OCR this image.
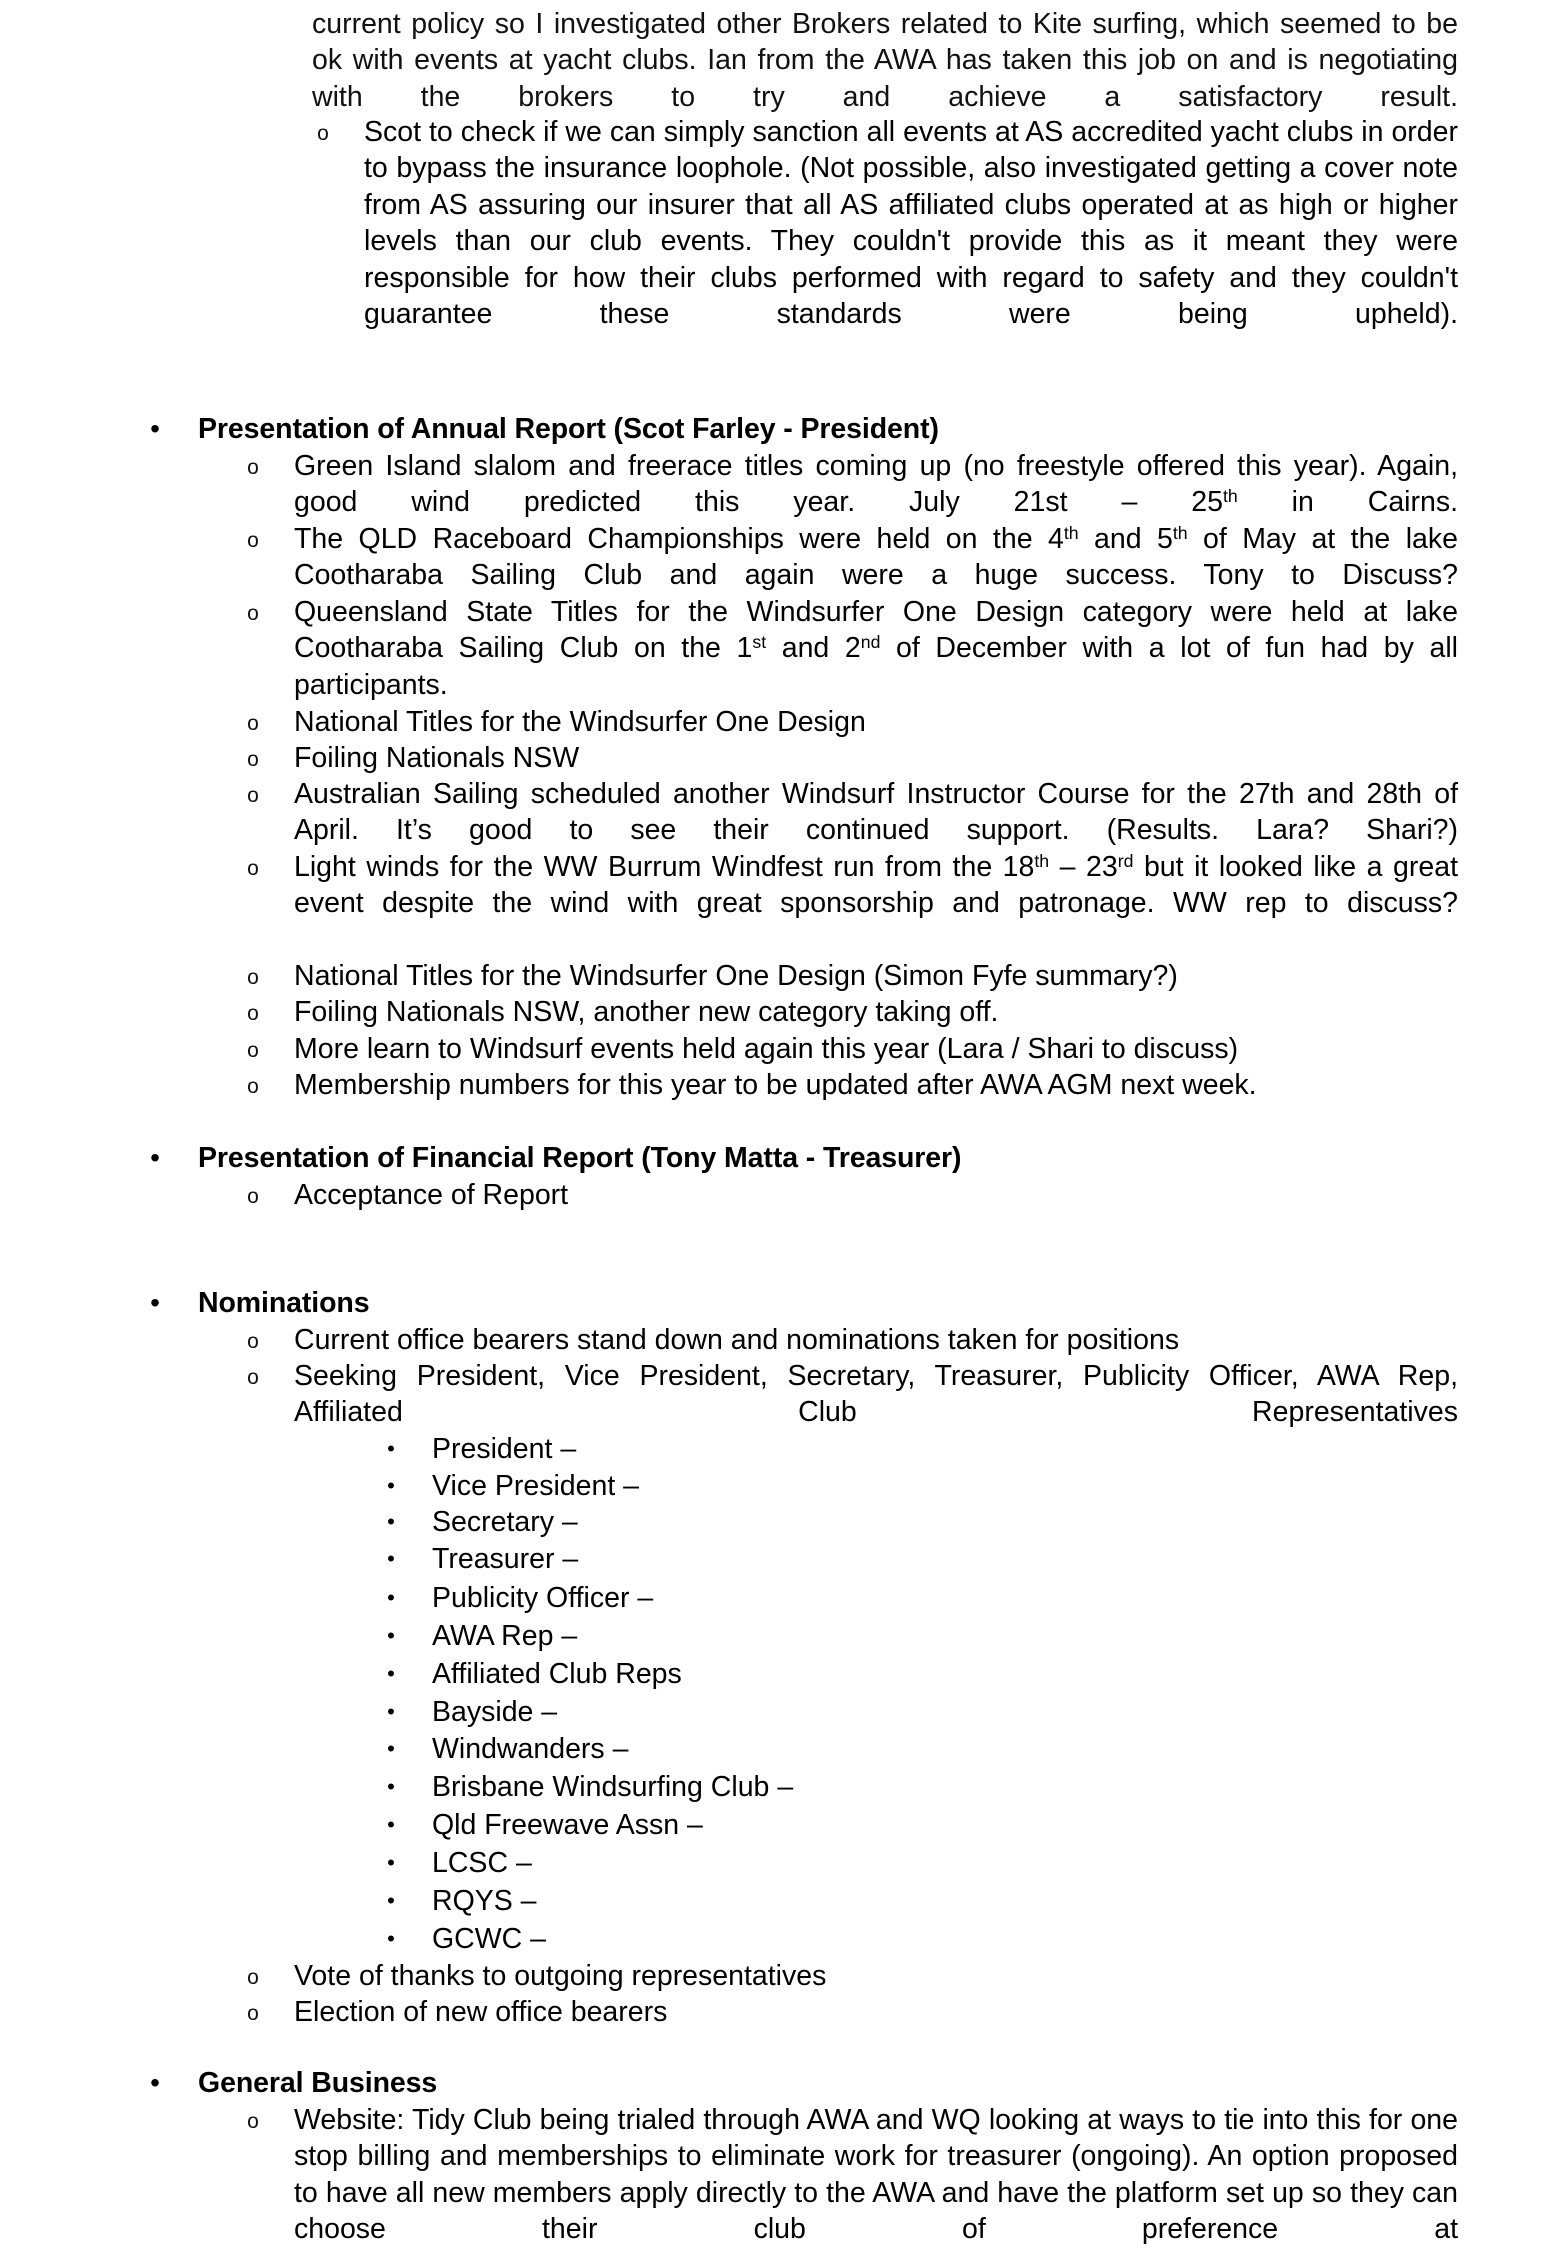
current policy so I investigated other Brokers related to Kite surfing, which seemed to be ok with events at yacht clubs. Ian from the AWA has taken this job on and is negotiating with the brokers to try and achieve a satisfactory result.
o Scot to check if we can simply sanction all events at AS accredited yacht clubs in order to bypass the insurance loophole. (Not possible, also investigated getting a cover note from AS assuring our insurer that all AS affiliated clubs operated at as high or higher levels than our club events. They couldn't provide this as it meant they were responsible for how their clubs performed with regard to safety and they couldn't guarantee these standards were being upheld).
• Presentation of Annual Report (Scot Farley - President)
o Green Island slalom and freerace titles coming up (no freestyle offered this year). Again, good wind predicted this year. July 21st – 25th in Cairns.
o The QLD Raceboard Championships were held on the 4th and 5th of May at the lake Cootharaba Sailing Club and again were a huge success. Tony to Discuss?
o Queensland State Titles for the Windsurfer One Design category were held at lake Cootharaba Sailing Club on the 1st and 2nd of December with a lot of fun had by all participants.
o National Titles for the Windsurfer One Design
o Foiling Nationals NSW
o Australian Sailing scheduled another Windsurf Instructor Course for the 27th and 28th of April. It’s good to see their continued support. (Results. Lara? Shari?)
o Light winds for the WW Burrum Windfest run from the 18th – 23rd but it looked like a great event despite the wind with great sponsorship and patronage. WW rep to discuss?
o National Titles for the Windsurfer One Design (Simon Fyfe summary?)
o Foiling Nationals NSW, another new category taking off.
o More learn to Windsurf events held again this year (Lara / Shari to discuss)
o Membership numbers for this year to be updated after AWA AGM next week.
• Presentation of Financial Report (Tony Matta - Treasurer)
o Acceptance of Report
• Nominations
o Current office bearers stand down and nominations taken for positions
o Seeking President, Vice President, Secretary, Treasurer, Publicity Officer, AWA Rep, Affiliated Club Representatives
• President –
• Vice President –
• Secretary –
• Treasurer –
• Publicity Officer –
• AWA Rep –
• Affiliated Club Reps
• Bayside –
• Windwanders –
• Brisbane Windsurfing Club –
• Qld Freewave Assn –
• LCSC –
• RQYS –
• GCWC –
o Vote of thanks to outgoing representatives
o Election of new office bearers
• General Business
o Website: Tidy Club being trialed through AWA and WQ looking at ways to tie into this for one stop billing and memberships to eliminate work for treasurer (ongoing). An option proposed to have all new members apply directly to the AWA and have the platform set up so they can choose their club of preference at
